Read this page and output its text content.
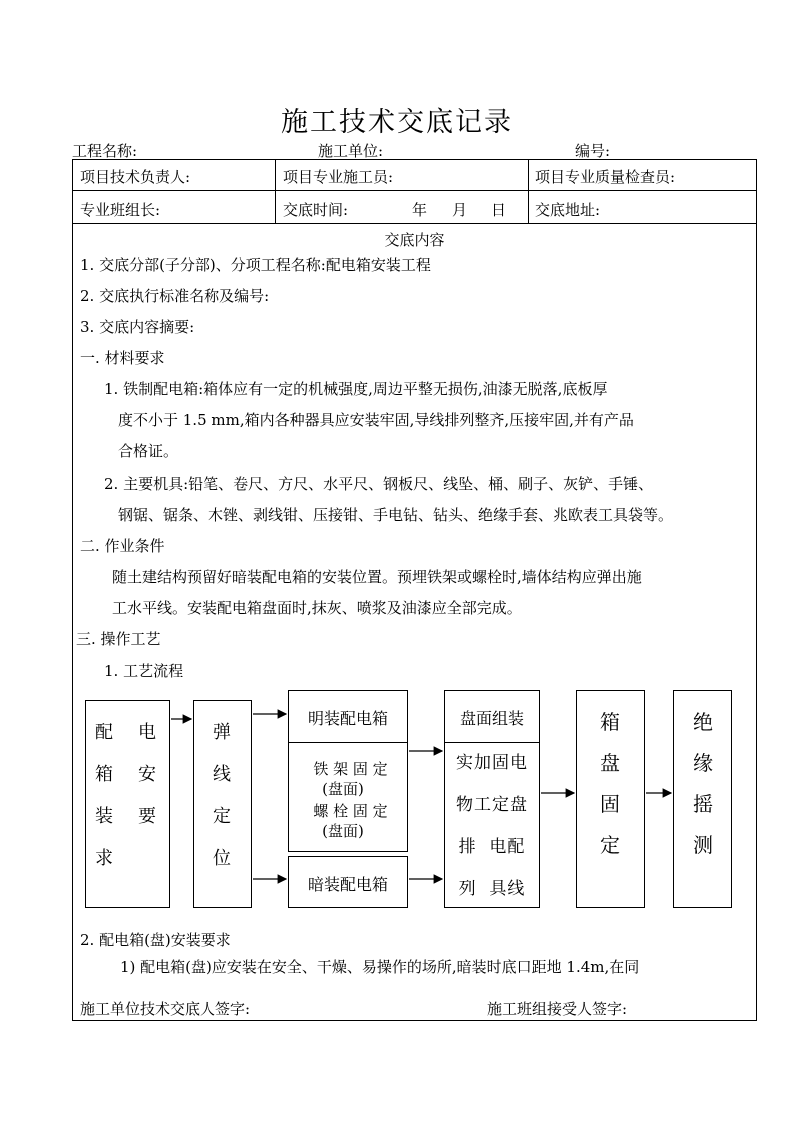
施工技术交底记录
工程名称:	施工单位:	编号:
项目技术负责人:	项目专业施工员:	项目专业质量检查员:
专业班组长:	交底时间:	年 月 日 交底地址:
交底内容
1. 交底分部(子分部)、分项工程名称:配电箱安装工程
2. 交底执行标准名称及编号:
3. 交底内容摘要:
一. 材料要求
1. 铁制配电箱:箱体应有一定的机械强度,周边平整无损伤,油漆无脱落,底板厚
度不小于 1.5 mm,箱内各种器具应安装牢固,导线排列整齐,压接牢固,并有产品
合格证。
2. 主要机具:铅笔、卷尺、方尺、水平尺、钢板尺、线坠、桶、刷子、灰铲、手锤、
钢锯、锯条、木锉、剥线钳、压接钳、手电钻、钻头、绝缘手套、兆欧表工具袋等。
二. 作业条件
随土建结构预留好暗装配电箱的安装位置。预埋铁架或螺栓时,墙体结构应弹出施
工水平线。安装配电箱盘面时,抹灰、喷浆及油漆应全部完成。
三. 操作工艺
1. 工艺流程
配 电
箱 安
装 要
求
弹
线
定
位
明装配电箱
铁 架 固 定
(盘面)
螺 栓 固 定
(盘面)
暗装配电箱
盘面组装
实加固电
物工定盘
排  电配
列  具线
箱
盘
固
定
绝
缘
摇
测
2. 配电箱(盘)安装要求
1) 配电箱(盘)应安装在安全、干燥、易操作的场所,暗装时底口距地 1.4m,在同
施工单位技术交底人签字:	施工班组接受人签字:
